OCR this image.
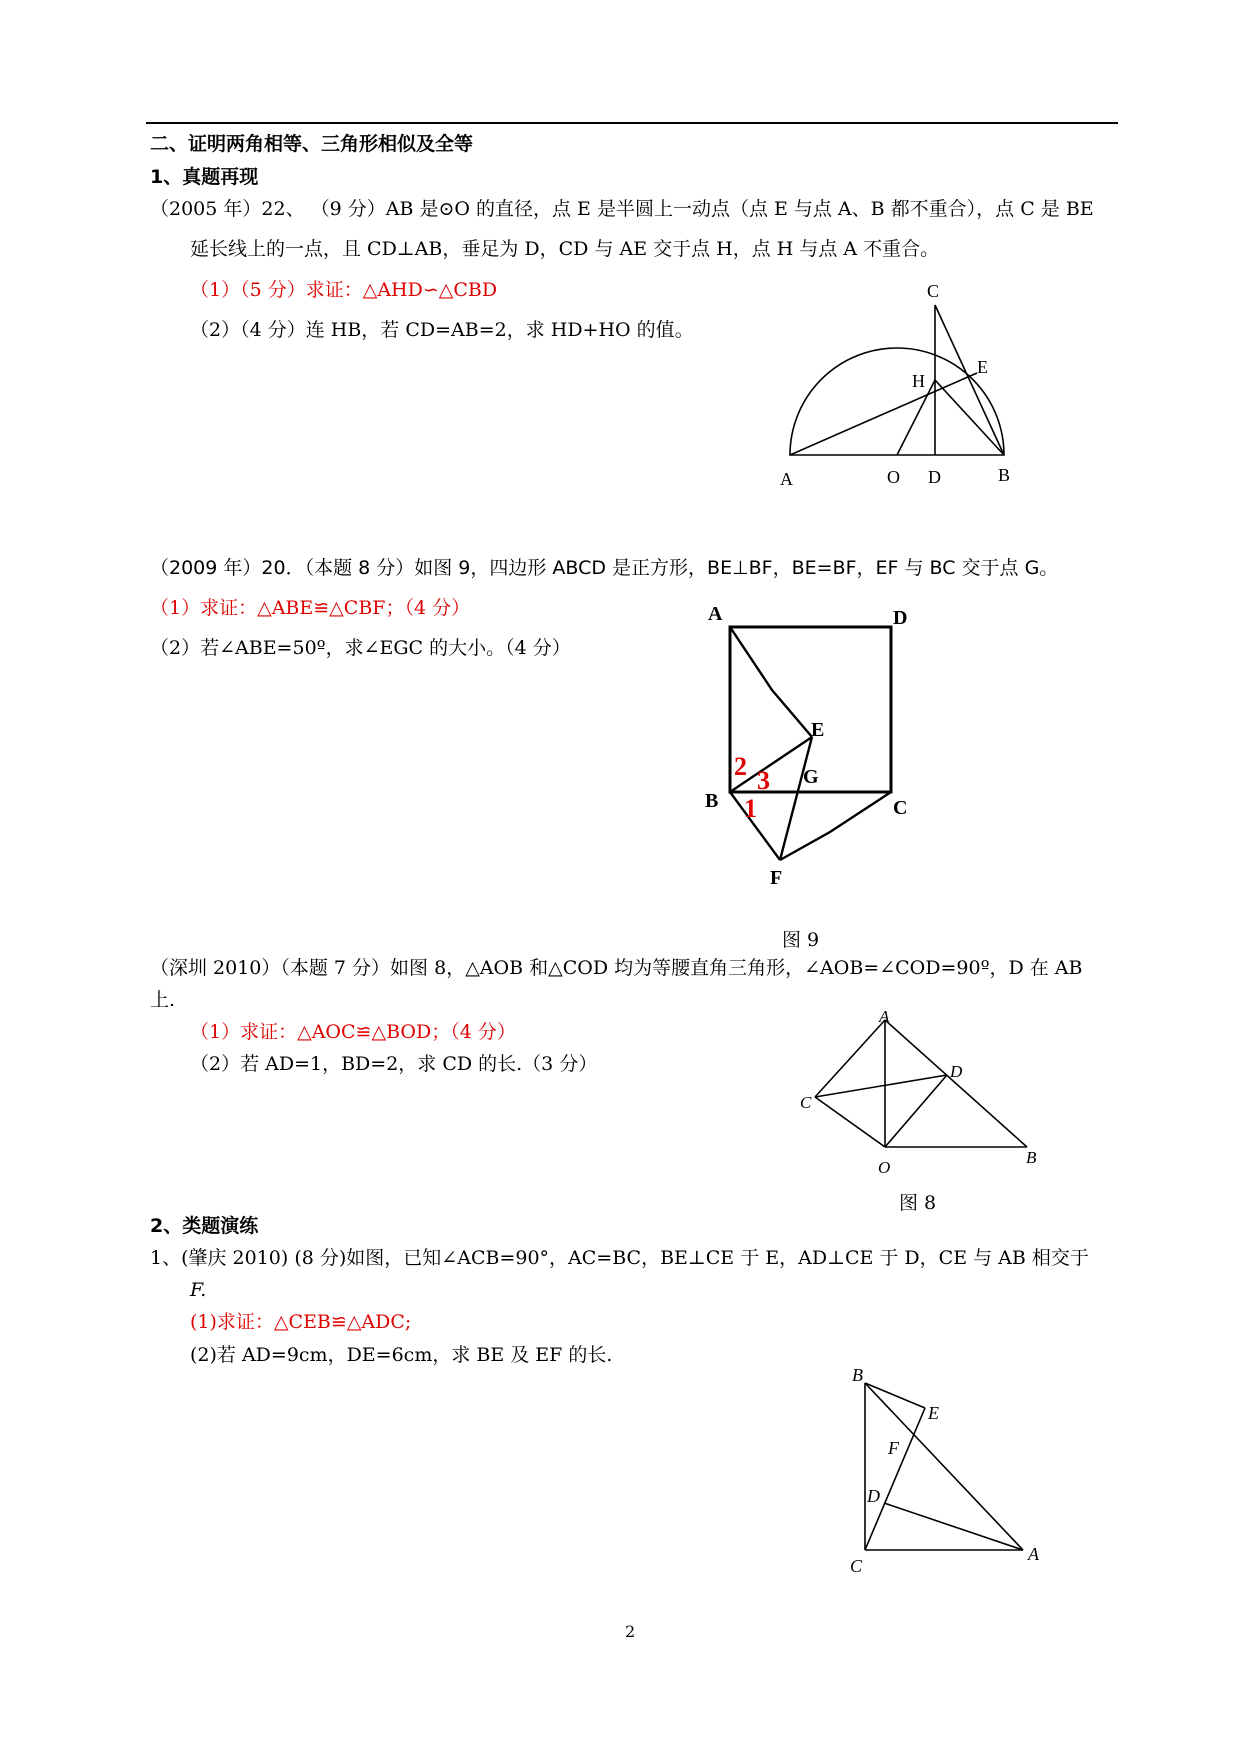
二、证明两角相等、三角形相似及全等
1、真题再现
（2005 年）22、 （9 分）AB 是⊙O 的直径，点 E 是半圆上一动点（点 E 与点 A、B 都不重合），点 C 是 BE
延长线上的一点，且 CD⊥AB，垂足为 D，CD 与 AE 交于点 H，点 H 与点 A 不重合。
（1）（5 分）求证：△AHD∽△CBD
（2）（4 分）连 HB，若 CD=AB=2，求 HD+HO 的值。
C
E
H
A	O D	B
（2009 年）20．（本题 8 分）如图 9，四边形 ABCD 是正方形，BE⊥BF，BE=BF，EF 与 BC 交于点 G。
（1）求证：△ABE≌△CBF；（4 分）
（2）若∠ABE=50º，求∠EGC 的大小。（4 分）
A	D
E
G
B	C
F
2 3
1
图 9
（深圳 2010）（本题 7 分）如图 8，△AOB 和△COD 均为等腰直角三角形，∠AOB=∠COD=90º，D 在 AB
上.
（1）求证：△AOC≌△BOD；（4 分）
（2）若 AD=1，BD=2，求 CD 的长.（3 分）
A
D
C
O
B
图 8
2、类题演练
1、(肇庆 2010) (8 分)如图，已知∠ACB=90°，AC=BC，BE⊥CE 于 E，AD⊥CE 于 D，CE 与 AB 相交于
F.
(1)求证：△CEB≌△ADC;
(2)若 AD=9cm，DE=6cm，求 BE 及 EF 的长.
B
E
F
D
C
A
2
